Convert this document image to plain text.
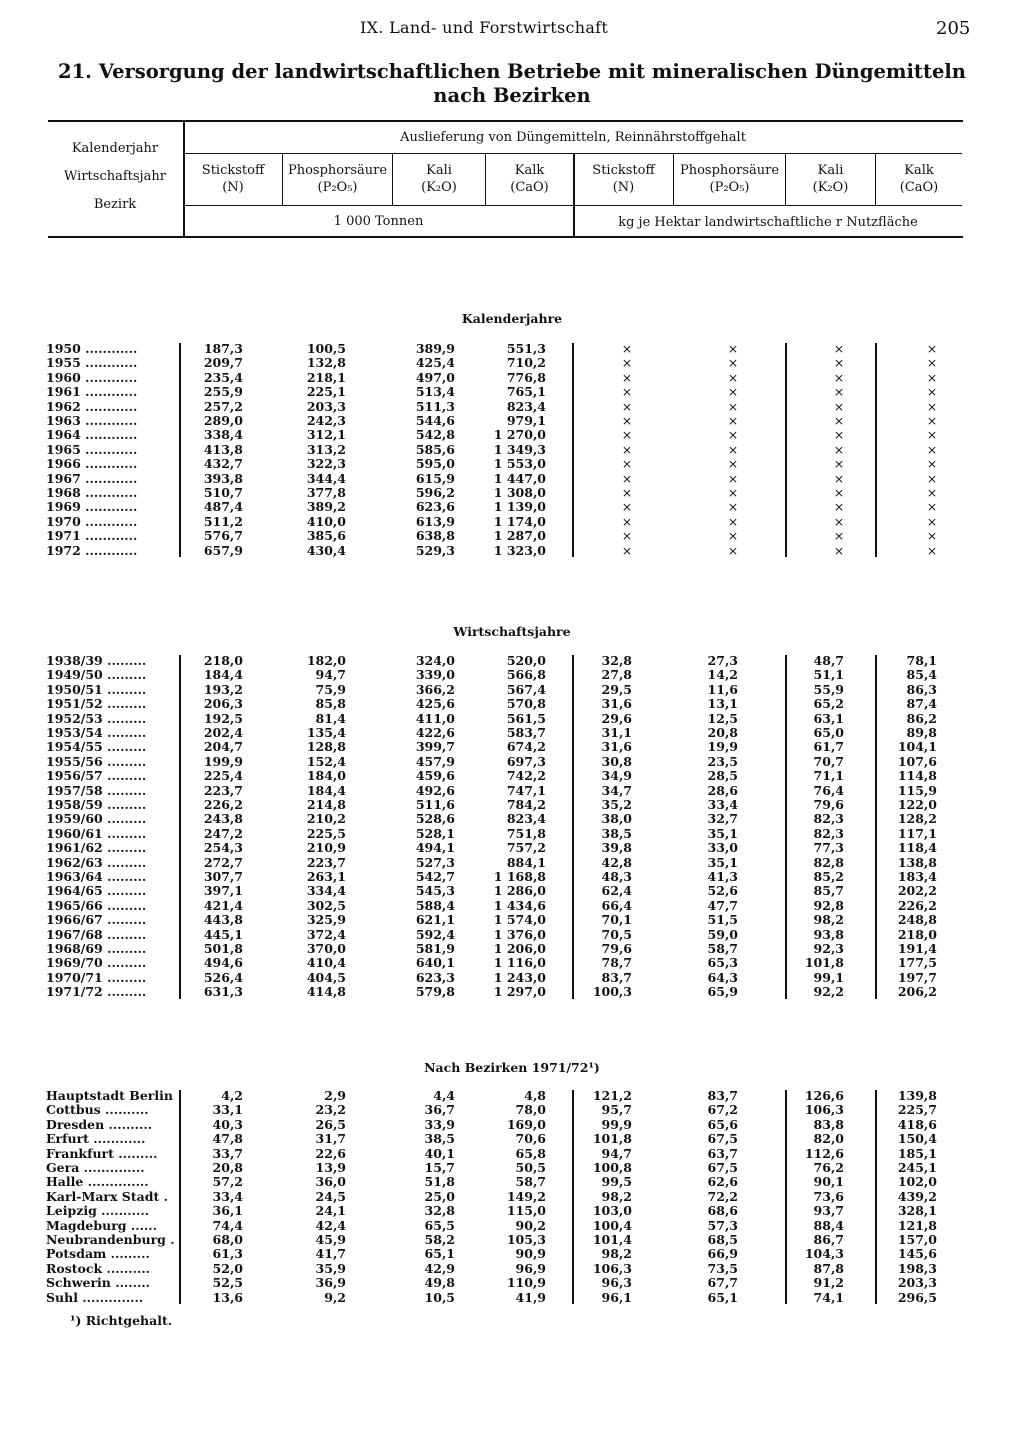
IX. Land- und Forstwirtschaft	205
21. Versorgung der landwirtschaftlichen Betriebe mit mineralischen Düngemitteln
nach Bezirken
Kalenderjahr
Wirtschaftsjahr
Bezirk
Auslieferung von Düngemitteln, Reinnährstoffgehalt
Stickstoff
(N)
Phosphorsäure
(P₂O₅)
Kali
(K₂O)
Kalk
(CaO)
Stickstoff
(N)
Phosphorsäure
(P₂O₅)
Kali
(K₂O)
Kalk
(CaO)
1 000 Tonnen	kg je Hektar landwirtschaftliche r Nutzfläche
Kalenderjahre
Wirtschaftsjahre
Nach Bezirken 1971/72¹)
1950 ............	187,3	100,5	389,9	551,3	×	×	×	×
1955 ............	209,7	132,8	425,4	710,2	×	×	×	×
1960 ............	235,4	218,1	497,0	776,8	×	×	×	×
1961 ............	255,9	225,1	513,4	765,1	×	×	×	×
1962 ............	257,2	203,3	511,3	823,4	×	×	×	×
1963 ............	289,0	242,3	544,6	979,1	×	×	×	×
1964 ............	338,4	312,1	542,8	1 270,0	×	×	×	×
1965 ............	413,8	313,2	585,6	1 349,3	×	×	×	×
1966 ............	432,7	322,3	595,0	1 553,0	×	×	×	×
1967 ............	393,8	344,4	615,9	1 447,0	×	×	×	×
1968 ............	510,7	377,8	596,2	1 308,0	×	×	×	×
1969 ............	487,4	389,2	623,6	1 139,0	×	×	×	×
1970 ............	511,2	410,0	613,9	1 174,0	×	×	×	×
1971 ............	576,7	385,6	638,8	1 287,0	×	×	×	×
1972 ............	657,9	430,4	529,3	1 323,0	×	×	×	×
1938/39 .........	218,0	182,0	324,0	520,0	32,8	27,3	48,7	78,1
1949/50 .........	184,4	94,7	339,0	566,8	27,8	14,2	51,1	85,4
1950/51 .........	193,2	75,9	366,2	567,4	29,5	11,6	55,9	86,3
1951/52 .........	206,3	85,8	425,6	570,8	31,6	13,1	65,2	87,4
1952/53 .........	192,5	81,4	411,0	561,5	29,6	12,5	63,1	86,2
1953/54 .........	202,4	135,4	422,6	583,7	31,1	20,8	65,0	89,8
1954/55 .........	204,7	128,8	399,7	674,2	31,6	19,9	61,7	104,1
1955/56 .........	199,9	152,4	457,9	697,3	30,8	23,5	70,7	107,6
1956/57 .........	225,4	184,0	459,6	742,2	34,9	28,5	71,1	114,8
1957/58 .........	223,7	184,4	492,6	747,1	34,7	28,6	76,4	115,9
1958/59 .........	226,2	214,8	511,6	784,2	35,2	33,4	79,6	122,0
1959/60 .........	243,8	210,2	528,6	823,4	38,0	32,7	82,3	128,2
1960/61 .........	247,2	225,5	528,1	751,8	38,5	35,1	82,3	117,1
1961/62 .........	254,3	210,9	494,1	757,2	39,8	33,0	77,3	118,4
1962/63 .........	272,7	223,7	527,3	884,1	42,8	35,1	82,8	138,8
1963/64 .........	307,7	263,1	542,7	1 168,8	48,3	41,3	85,2	183,4
1964/65 .........	397,1	334,4	545,3	1 286,0	62,4	52,6	85,7	202,2
1965/66 .........	421,4	302,5	588,4	1 434,6	66,4	47,7	92,8	226,2
1966/67 .........	443,8	325,9	621,1	1 574,0	70,1	51,5	98,2	248,8
1967/68 .........	445,1	372,4	592,4	1 376,0	70,5	59,0	93,8	218,0
1968/69 .........	501,8	370,0	581,9	1 206,0	79,6	58,7	92,3	191,4
1969/70 .........	494,6	410,4	640,1	1 116,0	78,7	65,3	101,8	177,5
1970/71 .........	526,4	404,5	623,3	1 243,0	83,7	64,3	99,1	197,7
1971/72 .........	631,3	414,8	579,8	1 297,0	100,3	65,9	92,2	206,2
Hauptstadt Berlin	4,2	2,9	4,4	4,8	121,2	83,7	126,6	139,8
Cottbus ..........	33,1	23,2	36,7	78,0	95,7	67,2	106,3	225,7
Dresden ..........	40,3	26,5	33,9	169,0	99,9	65,6	83,8	418,6
Erfurt ............	47,8	31,7	38,5	70,6	101,8	67,5	82,0	150,4
Frankfurt .........	33,7	22,6	40,1	65,8	94,7	63,7	112,6	185,1
Gera ..............	20,8	13,9	15,7	50,5	100,8	67,5	76,2	245,1
Halle ..............	57,2	36,0	51,8	58,7	99,5	62,6	90,1	102,0
Karl-Marx Stadt .	33,4	24,5	25,0	149,2	98,2	72,2	73,6	439,2
Leipzig ...........	36,1	24,1	32,8	115,0	103,0	68,6	93,7	328,1
Magdeburg ......	74,4	42,4	65,5	90,2	100,4	57,3	88,4	121,8
Neubrandenburg .	68,0	45,9	58,2	105,3	101,4	68,5	86,7	157,0
Potsdam .........	61,3	41,7	65,1	90,9	98,2	66,9	104,3	145,6
Rostock ..........	52,0	35,9	42,9	96,9	106,3	73,5	87,8	198,3
Schwerin ........	52,5	36,9	49,8	110,9	96,3	67,7	91,2	203,3
Suhl ..............	13,6	9,2	10,5	41,9	96,1	65,1	74,1	296,5
¹) Richtgehalt.
